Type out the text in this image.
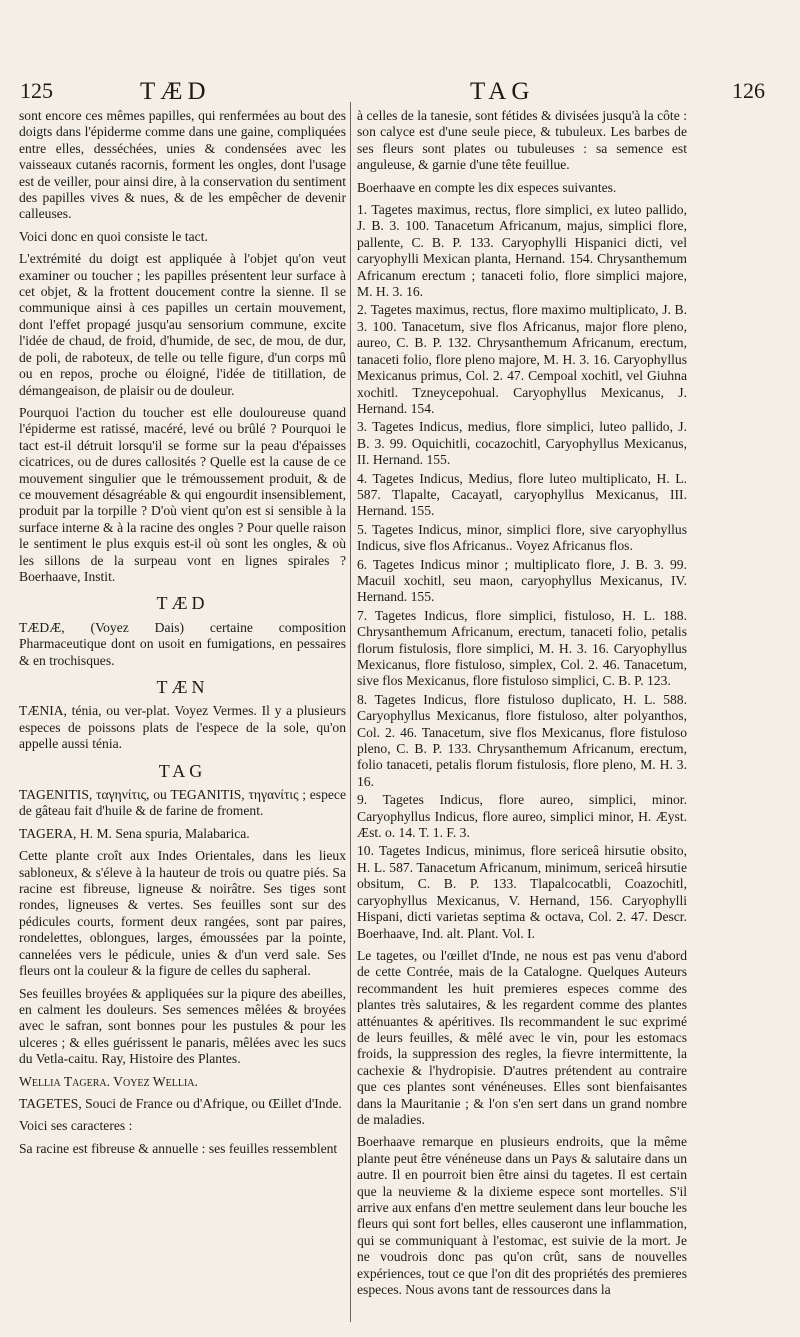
125	TÆD	TAG	126

sont encore ces mêmes papilles, qui renfermées au bout des doigts dans l'épiderme comme dans une gaine, compliquées entre elles, desséchées, unies & condensées avec les vaisseaux cutanés racornis, forment les ongles, dont l'usage est de veiller, pour ainsi dire, à la conservation du sentiment des papilles vives & nues, & de les empêcher de devenir calleuses.

Voici donc en quoi consiste le tact.

L'extrémité du doigt est appliquée à l'objet qu'on veut examiner ou toucher ; les papilles présentent leur surface à cet objet, & la frottent doucement contre la sienne. Il se communique ainsi à ces papilles un certain mouvement, dont l'effet propagé jusqu'au sensorium commune, excite l'idée de chaud, de froid, d'humide, de sec, de mou, de dur, de poli, de raboteux, de telle ou telle figure, d'un corps mû ou en repos, proche ou éloigné, l'idée de titillation, de démangeaison, de plaisir ou de douleur.

Pourquoi l'action du toucher est elle douloureuse quand l'épiderme est ratissé, macéré, levé ou brûlé ? Pourquoi le tact est-il détruit lorsqu'il se forme sur la peau d'épaisses cicatrices, ou de dures callosités ? Quelle est la cause de ce mouvement singulier que le trémoussement produit, & de ce mouvement désagréable & qui engourdit insensiblement, produit par la torpille ? D'où vient qu'on est si sensible à la surface interne & à la racine des ongles ? Pour quelle raison le sentiment le plus exquis est-il où sont les ongles, & où les sillons de la surpeau vont en lignes spirales ? Boerhaave, Instit.

TÆD

TÆDÆ, (Voyez Dais) certaine composition Pharmaceutique dont on usoit en fumigations, en pessaires & en trochisques.

TÆN

TÆNIA, ténia, ou ver-plat. Voyez Vermes. Il y a plusieurs especes de poissons plats de l'espece de la sole, qu'on appelle aussi ténia.

TAG

TAGENITIS, ταγηνίτις, ou TEGANITIS, τηγανίτις ; espece de gâteau fait d'huile & de farine de froment.

TAGERA, H. M. Sena spuria, Malabarica.

Cette plante croît aux Indes Orientales, dans les lieux sabloneux, & s'éleve à la hauteur de trois ou quatre piés. Sa racine est fibreuse, ligneuse & noirâtre. Ses tiges sont rondes, ligneuses & vertes. Ses feuilles sont sur des pédicules courts, forment deux rangées, sont par paires, rondelettes, oblongues, larges, émoussées par la pointe, cannelées vers le pédicule, unies & d'un verd sale. Ses fleurs ont la couleur & la figure de celles du sapheral.

Ses feuilles broyées & appliquées sur la piqure des abeilles, en calment les douleurs. Ses semences mêlées & broyées avec le safran, sont bonnes pour les pustules & pour les ulceres ; & elles guérissent le panaris, mêlées avec les sucs du Vetla-caitu. Ray, Histoire des Plantes.

Wellia Tagera. Voyez Wellia.

TAGETES, Souci de France ou d'Afrique, ou Œillet d'Inde.

Voici ses caracteres :

Sa racine est fibreuse & annuelle : ses feuilles ressemblent

à celles de la tanesie, sont fétides & divisées jusqu'à la côte : son calyce est d'une seule piece, & tubuleux. Les barbes de ses fleurs sont plates ou tubuleuses : sa semence est anguleuse, & garnie d'une tête feuillue.

Boerhaave en compte les dix especes suivantes.

1. Tagetes maximus, rectus, flore simplici, ex luteo pallido, J. B. 3. 100. Tanacetum Africanum, majus, simplici flore, pallente, C. B. P. 133. Caryophylli Hispanici dicti, vel caryophylli Mexican planta, Hernand. 154. Chrysanthemum Africanum erectum ; tanaceti folio, flore simplici majore, M. H. 3. 16.
2. Tagetes maximus, rectus, flore maximo multiplicato, J. B. 3. 100. Tanacetum, sive flos Africanus, major flore pleno, aureo, C. B. P. 132. Chrysanthemum Africanum, erectum, tanaceti folio, flore pleno majore, M. H. 3. 16. Caryophyllus Mexicanus primus, Col. 2. 47. Cempoal xochitl, vel Giuhna xochitl. Tzneycepohual. Caryophyllus Mexicanus, J. Hernand. 154.
3. Tagetes Indicus, medius, flore simplici, luteo pallido, J. B. 3. 99. Oquichitli, cocazochitl, Caryophyllus Mexicanus, II. Hernand. 155.
4. Tagetes Indicus, Medius, flore luteo multiplicato, H. L. 587. Tlapalte, Cacayatl, caryophyllus Mexicanus, III. Hernand. 155.
5. Tagetes Indicus, minor, simplici flore, sive caryophyllus Indicus, sive flos Africanus.. Voyez Africanus flos.
6. Tagetes Indicus minor ; multiplicato flore, J. B. 3. 99. Macuil xochitl, seu maon, caryophyllus Mexicanus, IV. Hernand. 155.
7. Tagetes Indicus, flore simplici, fistuloso, H. L. 188. Chrysanthemum Africanum, erectum, tanaceti folio, petalis florum fistulosis, flore simplici, M. H. 3. 16. Caryophyllus Mexicanus, flore fistuloso, simplex, Col. 2. 46. Tanacetum, sive flos Mexicanus, flore fistuloso simplici, C. B. P. 123.
8. Tagetes Indicus, flore fistuloso duplicato, H. L. 588. Caryophyllus Mexicanus, flore fistuloso, alter polyanthos, Col. 2. 46. Tanacetum, sive flos Mexicanus, flore fistuloso pleno, C. B. P. 133. Chrysanthemum Africanum, erectum, folio tanaceti, petalis florum fistulosis, flore pleno, M. H. 3. 16.
9. Tagetes Indicus, flore aureo, simplici, minor. Caryophyllus Indicus, flore aureo, simplici minor, H. Æyst. Æst. o. 14. T. 1. F. 3.
10. Tagetes Indicus, minimus, flore sericeâ hirsutie obsito, H. L. 587. Tanacetum Africanum, minimum, sericeâ hirsutie obsitum, C. B. P. 133. Tlapalcocatbli, Coazochitl, caryophyllus Mexicanus, V. Hernand, 156. Caryophylli Hispani, dicti varietas septima & octava, Col. 2. 47. Descr. Boerhaave, Ind. alt. Plant. Vol. I.

Le tagetes, ou l'œillet d'Inde, ne nous est pas venu d'abord de cette Contrée, mais de la Catalogne. Quelques Auteurs recommandent les huit premieres especes comme des plantes très salutaires, & les regardent comme des plantes atténuantes & apéritives. Ils recommandent le suc exprimé de leurs feuilles, & mêlé avec le vin, pour les estomacs froids, la suppression des regles, la fievre intermittente, la cachexie & l'hydropisie. D'autres prétendent au contraire que ces plantes sont vénéneuses. Elles sont bienfaisantes dans la Mauritanie ; & l'on s'en sert dans un grand nombre de maladies.

Boerhaave remarque en plusieurs endroits, que la même plante peut être vénéneuse dans un Pays & salutaire dans un autre. Il en pourroit bien être ainsi du tagetes. Il est certain que la neuvieme & la dixieme espece sont mortelles. S'il arrive aux enfans d'en mettre seulement dans leur bouche les fleurs qui sont fort belles, elles causeront une inflammation, qui se communiquant à l'estomac, est suivie de la mort. Je ne voudrois donc pas qu'on crût, sans de nouvelles expériences, tout ce que l'on dit des propriétés des premieres especes. Nous avons tant de ressources dans la
